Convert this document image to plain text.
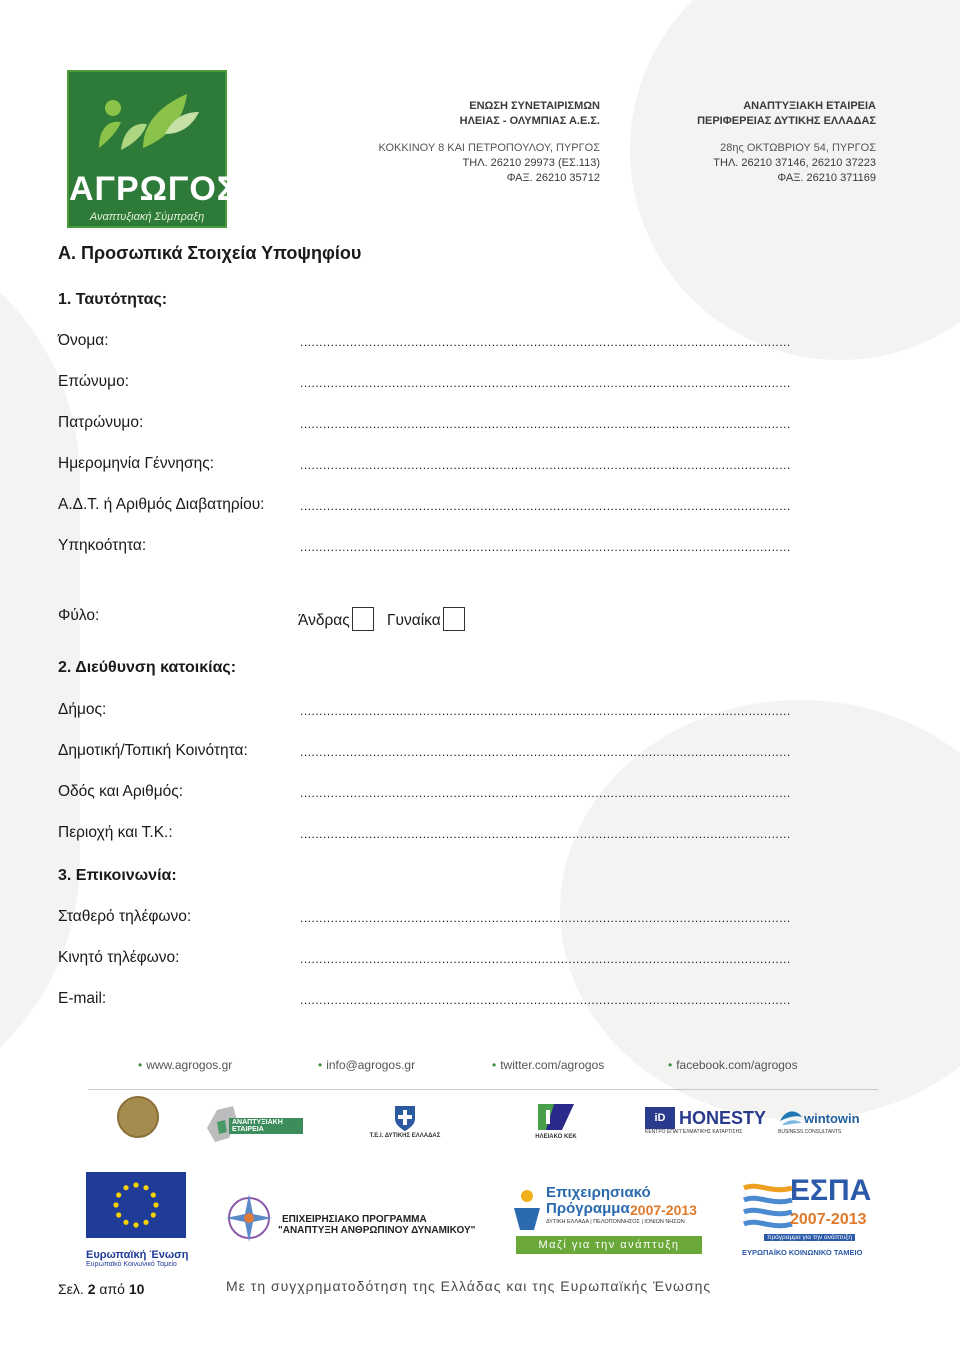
ΑΓΡΩΓΟΣ
Αναπτυξιακή Σύμπραξη
ΕΝΩΣΗ ΣΥΝΕΤΑΙΡΙΣΜΩΝ
ΗΛΕΙΑΣ - ΟΛΥΜΠΙΑΣ Α.Ε.Σ.
ΚΟΚΚΙΝΟΥ 8 ΚΑΙ ΠΕΤΡΟΠΟΥΛΟΥ, ΠΥΡΓΟΣ
ΤΗΛ. 26210 29973 (ΕΣ.113)
ΦΑΞ. 26210 35712
ΑΝΑΠΤΥΞΙΑΚΗ ΕΤΑΙΡΕΙΑ
ΠΕΡΙΦΕΡΕΙΑΣ ΔΥΤΙΚΗΣ ΕΛΛΑΔΑΣ
28ης ΟΚΤΩΒΡΙΟΥ 54, ΠΥΡΓΟΣ
ΤΗΛ. 26210 37146, 26210 37223
ΦΑΞ. 26210 371169
Α. Προσωπικά Στοιχεία Υποψηφίου
1. Ταυτότητας:
Όνομα:	................................................................................................................................
Επώνυμο:	................................................................................................................................
Πατρώνυμο:	................................................................................................................................
Ημερομηνία Γέννησης:	................................................................................................................................
Α.Δ.Τ. ή Αριθμός Διαβατηρίου:	................................................................................................................................
Υπηκοότητα:	................................................................................................................................
Φύλο:	Άνδρας	Γυναίκα
2. Διεύθυνση κατοικίας:
Δήμος:	................................................................................................................................
Δημοτική/Τοπική Κοινότητα:	................................................................................................................................
Οδός και Αριθμός:	................................................................................................................................
Περιοχή και Τ.Κ.:	................................................................................................................................
3. Επικοινωνία:
Σταθερό τηλέφωνο:	................................................................................................................................
Κινητό τηλέφωνο:	................................................................................................................................
E-mail:	................................................................................................................................
• www.agrogos.gr	• info@agrogos.gr	• twitter.com/agrogos	• facebook.com/agrogos
ΑΝΑΠΤΥΞΙΑΚΗ ΕΤΑΙΡΕΙΑ
Τ.Ε.Ι. ΔΥΤΙΚΗΣ ΕΛΛΑΔΑΣ	ΗΛΕΙΑΚΟ ΚΕΚ
iD HONESTY
ΚΕΝΤΡΟ ΕΠΑΓΓΕΛΜΑΤΙΚΗΣ ΚΑΤΑΡΤΙΣΗΣ
wintowin
BUSINESS CONSULTANTS
Ευρωπαϊκή Ένωση
Ευρωπαϊκό Κοινωνικό Ταμείο
ΕΠΙΧΕΙΡΗΣΙΑΚΟ ΠΡΟΓΡΑΜΜΑ
"ΑΝΑΠΤΥΞΗ ΑΝΘΡΩΠΙΝΟΥ ΔΥΝΑΜΙΚΟΥ"
Επιχειρησιακό
Πρόγραμμα 2007-2013
ΔΥΤΙΚΗ ΕΛΛΑΔΑ | ΠΕΛΟΠΟΝΝΗΣΟΣ | ΙΟΝΙΩΝ ΝΗΣΩΝ
Μαζί για την ανάπτυξη
ΕΣΠΑ
2007-2013
πρόγραμμα για την ανάπτυξη
ΕΥΡΩΠΑΪΚΟ ΚΟΙΝΩΝΙΚΟ ΤΑΜΕΙΟ
Σελ. 2 από 10	Με τη συγχρηματοδότηση της Ελλάδας και της Ευρωπαϊκής Ένωσης
